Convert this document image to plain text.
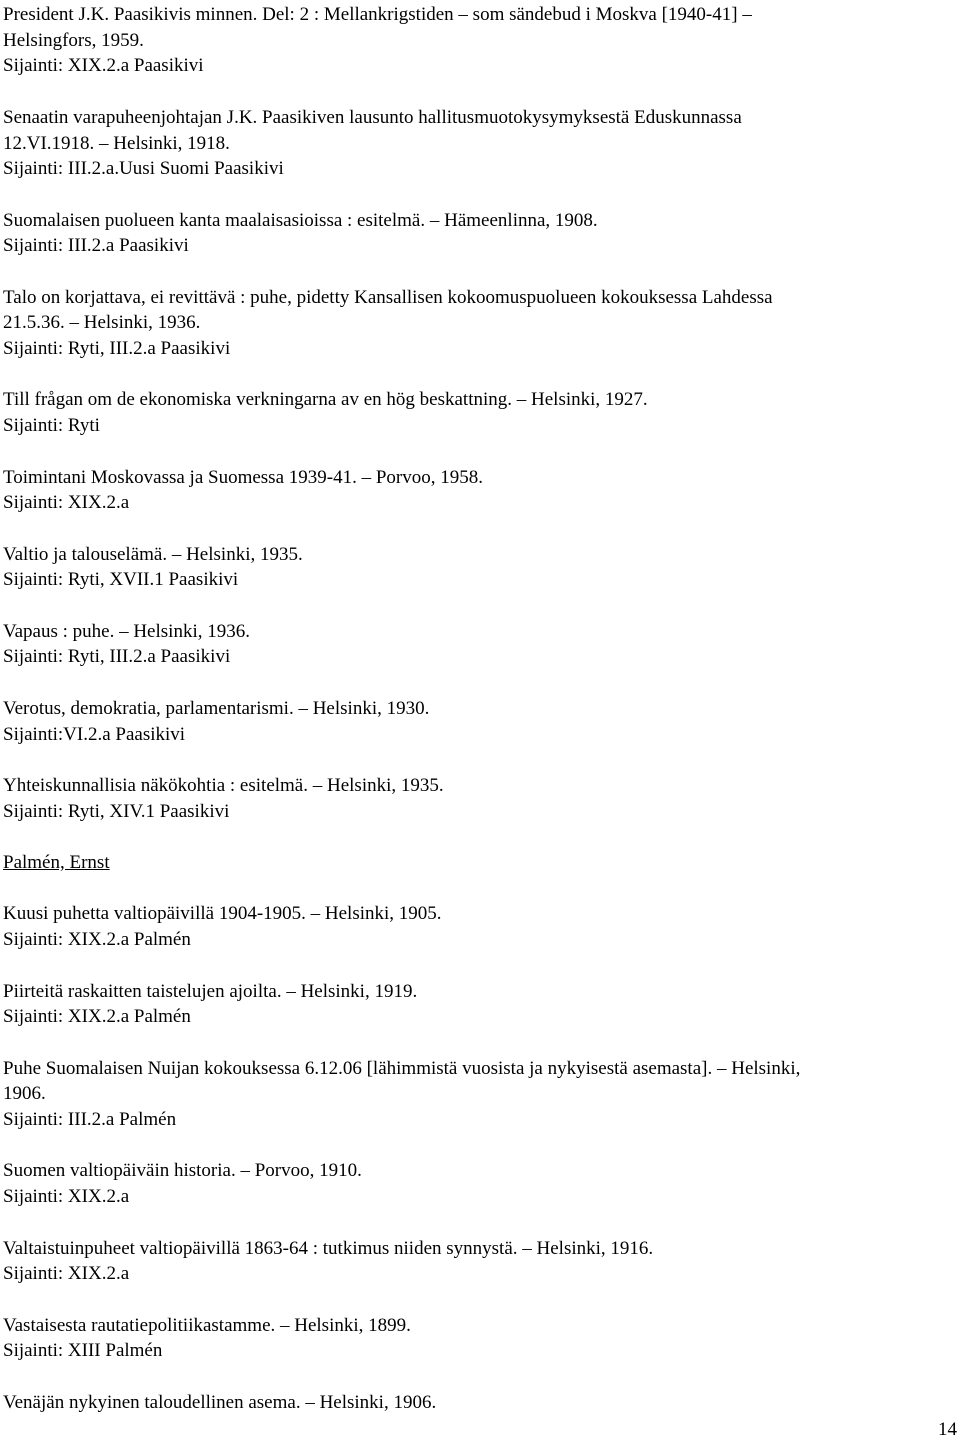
President J.K. Paasikivis minnen. Del: 2 : Mellankrigstiden – som sändebud i Moskva [1940-41] –
Helsingfors, 1959.
Sijainti: XIX.2.a Paasikivi
Senaatin varapuheenjohtajan J.K. Paasikiven lausunto hallitusmuotokysymyksestä Eduskunnassa
12.VI.1918. – Helsinki, 1918.
Sijainti: III.2.a.Uusi Suomi Paasikivi
Suomalaisen puolueen kanta maalaisasioissa : esitelmä. – Hämeenlinna, 1908.
Sijainti: III.2.a Paasikivi
Talo on korjattava, ei revittävä : puhe, pidetty Kansallisen kokoomuspuolueen kokouksessa Lahdessa
21.5.36. – Helsinki, 1936.
Sijainti: Ryti, III.2.a Paasikivi
Till frågan om de ekonomiska verkningarna av en hög beskattning. – Helsinki, 1927.
Sijainti: Ryti
Toimintani Moskovassa ja Suomessa 1939-41. – Porvoo, 1958.
Sijainti: XIX.2.a
Valtio ja talouselämä. – Helsinki, 1935.
Sijainti: Ryti, XVII.1 Paasikivi
Vapaus : puhe. – Helsinki, 1936.
Sijainti: Ryti, III.2.a Paasikivi
Verotus, demokratia, parlamentarismi. – Helsinki, 1930.
Sijainti:VI.2.a Paasikivi
Yhteiskunnallisia näkökohtia : esitelmä. – Helsinki, 1935.
Sijainti: Ryti, XIV.1 Paasikivi
Palmén, Ernst
Kuusi puhetta valtiopäivillä 1904-1905. – Helsinki, 1905.
Sijainti: XIX.2.a Palmén
Piirteitä raskaitten taistelujen ajoilta. – Helsinki, 1919.
Sijainti: XIX.2.a Palmén
Puhe Suomalaisen Nuijan kokouksessa 6.12.06 [lähimmistä vuosista ja nykyisestä asemasta]. – Helsinki,
1906.
Sijainti: III.2.a Palmén
Suomen valtiopäiväin historia. – Porvoo, 1910.
Sijainti: XIX.2.a
Valtaistuinpuheet valtiopäivillä 1863-64 : tutkimus niiden synnystä. – Helsinki, 1916.
Sijainti: XIX.2.a
Vastaisesta rautatiepolitiikastamme. – Helsinki, 1899.
Sijainti: XIII Palmén
Venäjän nykyinen taloudellinen asema. – Helsinki, 1906.
14
